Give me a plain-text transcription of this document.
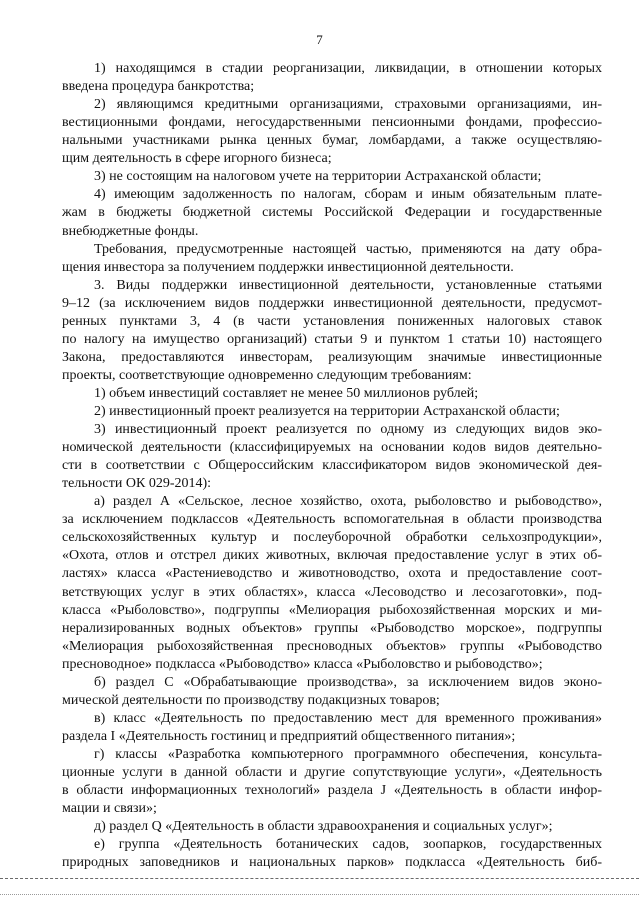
7
1) находящимся в стадии реорганизации, ликвидации, в отношении которых
введена процедура банкротства;
2) являющимся кредитными организациями, страховыми организациями, ин-
вестиционными фондами, негосударственными пенсионными фондами, профессио-
нальными участниками рынка ценных бумаг, ломбардами, а также осуществляю-
щим деятельность в сфере игорного бизнеса;
3) не состоящим на налоговом учете на территории Астраханской области;
4) имеющим задолженность по налогам, сборам и иным обязательным плате-
жам в бюджеты бюджетной системы Российской Федерации и государственные
внебюджетные фонды.
Требования, предусмотренные настоящей частью, применяются на дату обра-
щения инвестора за получением поддержки инвестиционной деятельности.
3. Виды поддержки инвестиционной деятельности, установленные статьями
9–12 (за исключением видов поддержки инвестиционной деятельности, предусмот-
ренных пунктами 3, 4 (в части установления пониженных налоговых ставок
по налогу на имущество организаций) статьи 9 и пунктом 1 статьи 10) настоящего
Закона, предоставляются инвесторам, реализующим значимые инвестиционные
проекты, соответствующие одновременно следующим требованиям:
1) объем инвестиций составляет не менее 50 миллионов рублей;
2) инвестиционный проект реализуется на территории Астраханской области;
3) инвестиционный проект реализуется по одному из следующих видов эко-
номической деятельности (классифицируемых на основании кодов видов деятельно-
сти в соответствии с Общероссийским классификатором видов экономической дея-
тельности ОК 029-2014):
а) раздел А «Сельское, лесное хозяйство, охота, рыболовство и рыбоводство»,
за исключением подклассов «Деятельность вспомогательная в области производства
сельскохозяйственных культур и послеуборочной обработки сельхозпродукции»,
«Охота, отлов и отстрел диких животных, включая предоставление услуг в этих об-
ластях» класса «Растениеводство и животноводство, охота и предоставление соот-
ветствующих услуг в этих областях», класса «Лесоводство и лесозаготовки», под-
класса «Рыболовство», подгруппы «Мелиорация рыбохозяйственная морских и ми-
нерализированных водных объектов» группы «Рыбоводство морское», подгруппы
«Мелиорация рыбохозяйственная пресноводных объектов» группы «Рыбоводство
пресноводное» подкласса «Рыбоводство» класса «Рыболовство и рыбоводство»;
б) раздел С «Обрабатывающие производства», за исключением видов эконо-
мической деятельности по производству подакцизных товаров;
в) класс «Деятельность по предоставлению мест для временного проживания»
раздела I «Деятельность гостиниц и предприятий общественного питания»;
г) классы «Разработка компьютерного программного обеспечения, консульта-
ционные услуги в данной области и другие сопутствующие услуги», «Деятельность
в области информационных технологий» раздела J «Деятельность в области инфор-
мации и связи»;
д) раздел Q «Деятельность в области здравоохранения и социальных услуг»;
е) группа «Деятельность ботанических садов, зоопарков, государственных
природных заповедников и национальных парков» подкласса «Деятельность биб-
